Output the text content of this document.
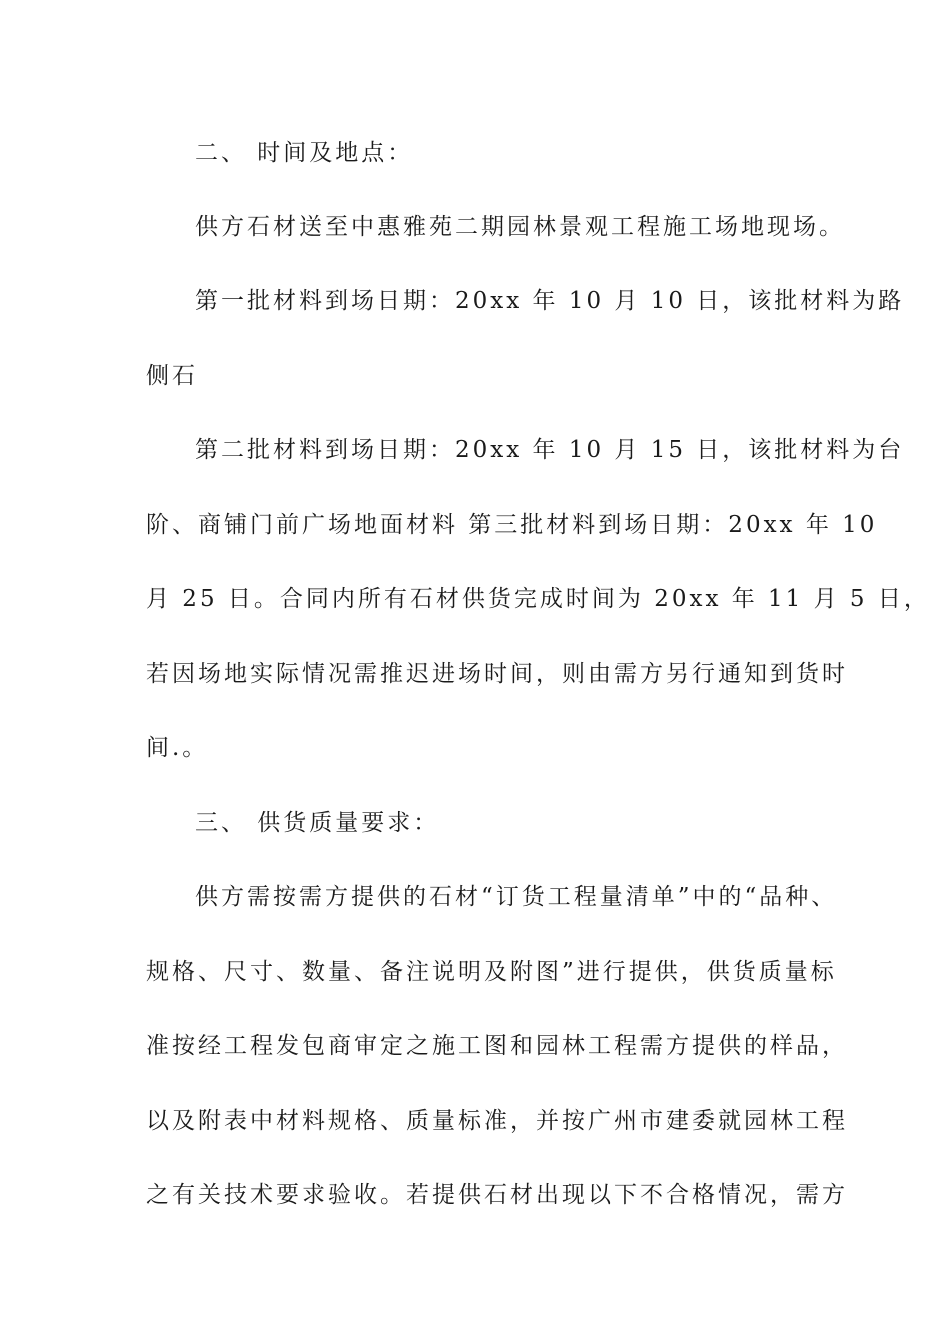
二、 时间及地点：
供方石材送至中惠雅苑二期园林景观工程施工场地现场。
第一批材料到场日期：20xx 年 10 月 10 日，该批材料为路
侧石
第二批材料到场日期：20xx 年 10 月 15 日，该批材料为台
阶、商铺门前广场地面材料 第三批材料到场日期：20xx 年 10
月 25 日。合同内所有石材供货完成时间为 20xx 年 11 月 5 日，
若因场地实际情况需推迟进场时间，则由需方另行通知到货时
间.。
三、 供货质量要求：
供方需按需方提供的石材“订货工程量清单”中的“品种、
规格、尺寸、数量、备注说明及附图”进行提供，供货质量标
准按经工程发包商审定之施工图和园林工程需方提供的样品，
以及附表中材料规格、质量标准，并按广州市建委就园林工程
之有关技术要求验收。若提供石材出现以下不合格情况，需方
